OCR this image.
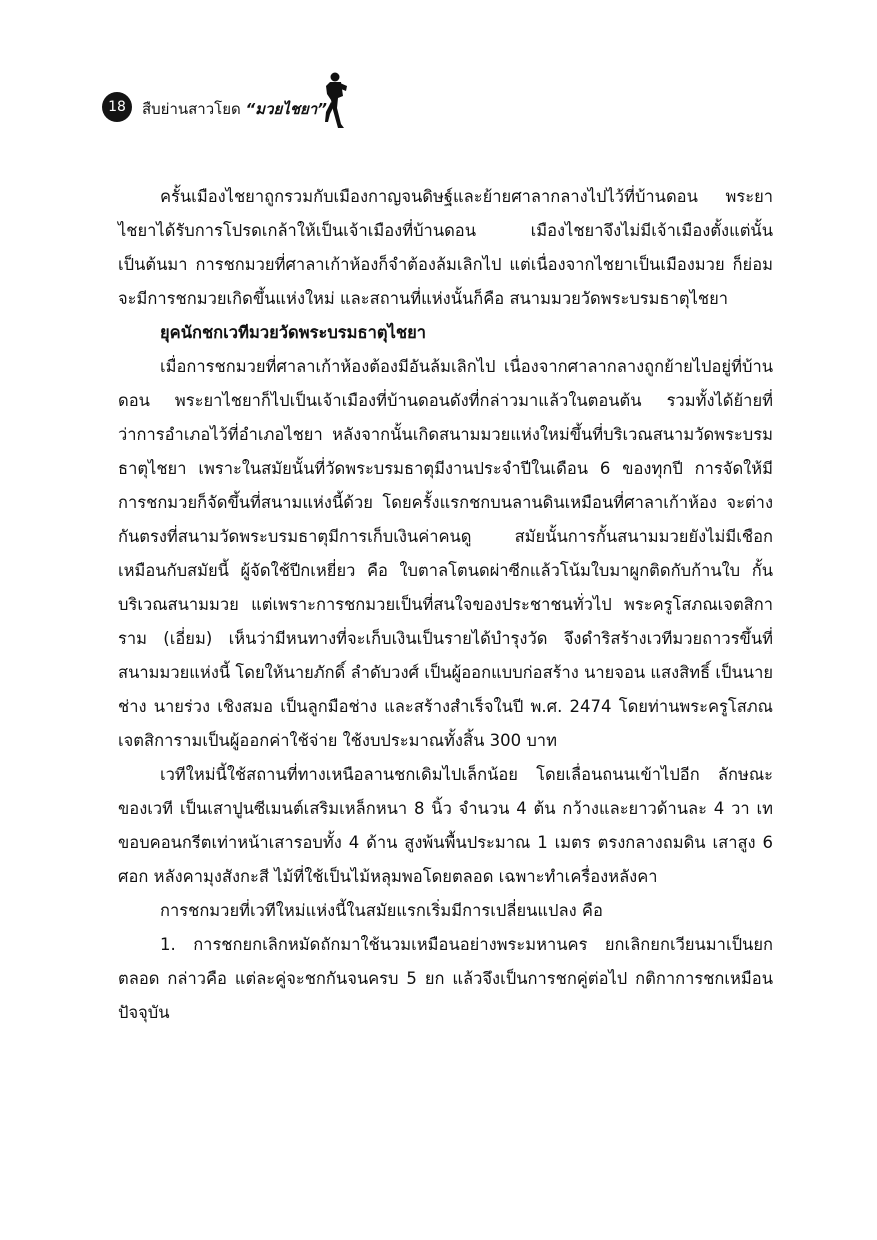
18	สืบย่านสาวโยด “มวยไชยา”

ครั้นเมืองไชยาถูกรวมกับเมืองกาญจนดิษฐ์และย้ายศาลากลางไปไว้ที่บ้านดอน พระยาไชยาได้รับการโปรดเกล้าให้เป็นเจ้าเมืองที่บ้านดอน เมืองไชยาจึงไม่มีเจ้าเมืองตั้งแต่นั้นเป็นต้นมา การชกมวยที่ศาลาเก้าห้องก็จำต้องล้มเลิกไป แต่เนื่องจากไชยาเป็นเมืองมวย ก็ย่อมจะมีการชกมวยเกิดขึ้นแห่งใหม่ และสถานที่แห่งนั้นก็คือ สนามมวยวัดพระบรมธาตุไชยา

ยุคนักชกเวทีมวยวัดพระบรมธาตุไชยา

เมื่อการชกมวยที่ศาลาเก้าห้องต้องมีอันล้มเลิกไป เนื่องจากศาลากลางถูกย้ายไปอยู่ที่บ้านดอน พระยาไชยาก็ไปเป็นเจ้าเมืองที่บ้านดอนดังที่กล่าวมาแล้วในตอนต้น รวมทั้งได้ย้ายที่ว่าการอำเภอไว้ที่อำเภอไชยา หลังจากนั้นเกิดสนามมวยแห่งใหม่ขึ้นที่บริเวณสนามวัดพระบรมธาตุไชยา เพราะในสมัยนั้นที่วัดพระบรมธาตุมีงานประจำปีในเดือน 6 ของทุกปี การจัดให้มีการชกมวยก็จัดขึ้นที่สนามแห่งนี้ด้วย โดยครั้งแรกชกบนลานดินเหมือนที่ศาลาเก้าห้อง จะต่างกันตรงที่สนามวัดพระบรมธาตุมีการเก็บเงินค่าคนดู สมัยนั้นการกั้นสนามมวยยังไม่มีเชือกเหมือนกับสมัยนี้ ผู้จัดใช้ปีกเหยี่ยว คือ ใบตาลโตนดผ่าซีกแล้วโน้มใบมาผูกติดกับก้านใบ กั้นบริเวณสนามมวย แต่เพราะการชกมวยเป็นที่สนใจของประชาชนทั่วไป พระครูโสภณเจตสิการาม (เอี่ยม) เห็นว่ามีหนทางที่จะเก็บเงินเป็นรายได้บำรุงวัด จึงดำริสร้างเวทีมวยถาวรขึ้นที่สนามมวยแห่งนี้ โดยให้นายภักดิ์ ลำดับวงศ์ เป็นผู้ออกแบบก่อสร้าง นายจอน แสงสิทธิ์ เป็นนายช่าง นายร่วง เชิงสมอ เป็นลูกมือช่าง และสร้างสำเร็จในปี พ.ศ. 2474 โดยท่านพระครูโสภณเจตสิการามเป็นผู้ออกค่าใช้จ่าย ใช้งบประมาณทั้งสิ้น 300 บาท

เวทีใหม่นี้ใช้สถานที่ทางเหนือลานชกเดิมไปเล็กน้อย โดยเลื่อนถนนเข้าไปอีก ลักษณะของเวที เป็นเสาปูนซีเมนต์เสริมเหล็กหนา 8 นิ้ว จำนวน 4 ต้น กว้างและยาวด้านละ 4 วา เทขอบคอนกรีตเท่าหน้าเสารอบทั้ง 4 ด้าน สูงพ้นพื้นประมาณ 1 เมตร ตรงกลางถมดิน เสาสูง 6 ศอก หลังคามุงสังกะสี ไม้ที่ใช้เป็นไม้หลุมพอโดยตลอด เฉพาะทำเครื่องหลังคา

การชกมวยที่เวทีใหม่แห่งนี้ในสมัยแรกเริ่มมีการเปลี่ยนแปลง คือ

1. การชกยกเลิกหมัดถักมาใช้นวมเหมือนอย่างพระมหานคร ยกเลิกยกเวียนมาเป็นยกตลอด กล่าวคือ แต่ละคู่จะชกกันจนครบ 5 ยก แล้วจึงเป็นการชกคู่ต่อไป กติกาการชกเหมือนปัจจุบัน
